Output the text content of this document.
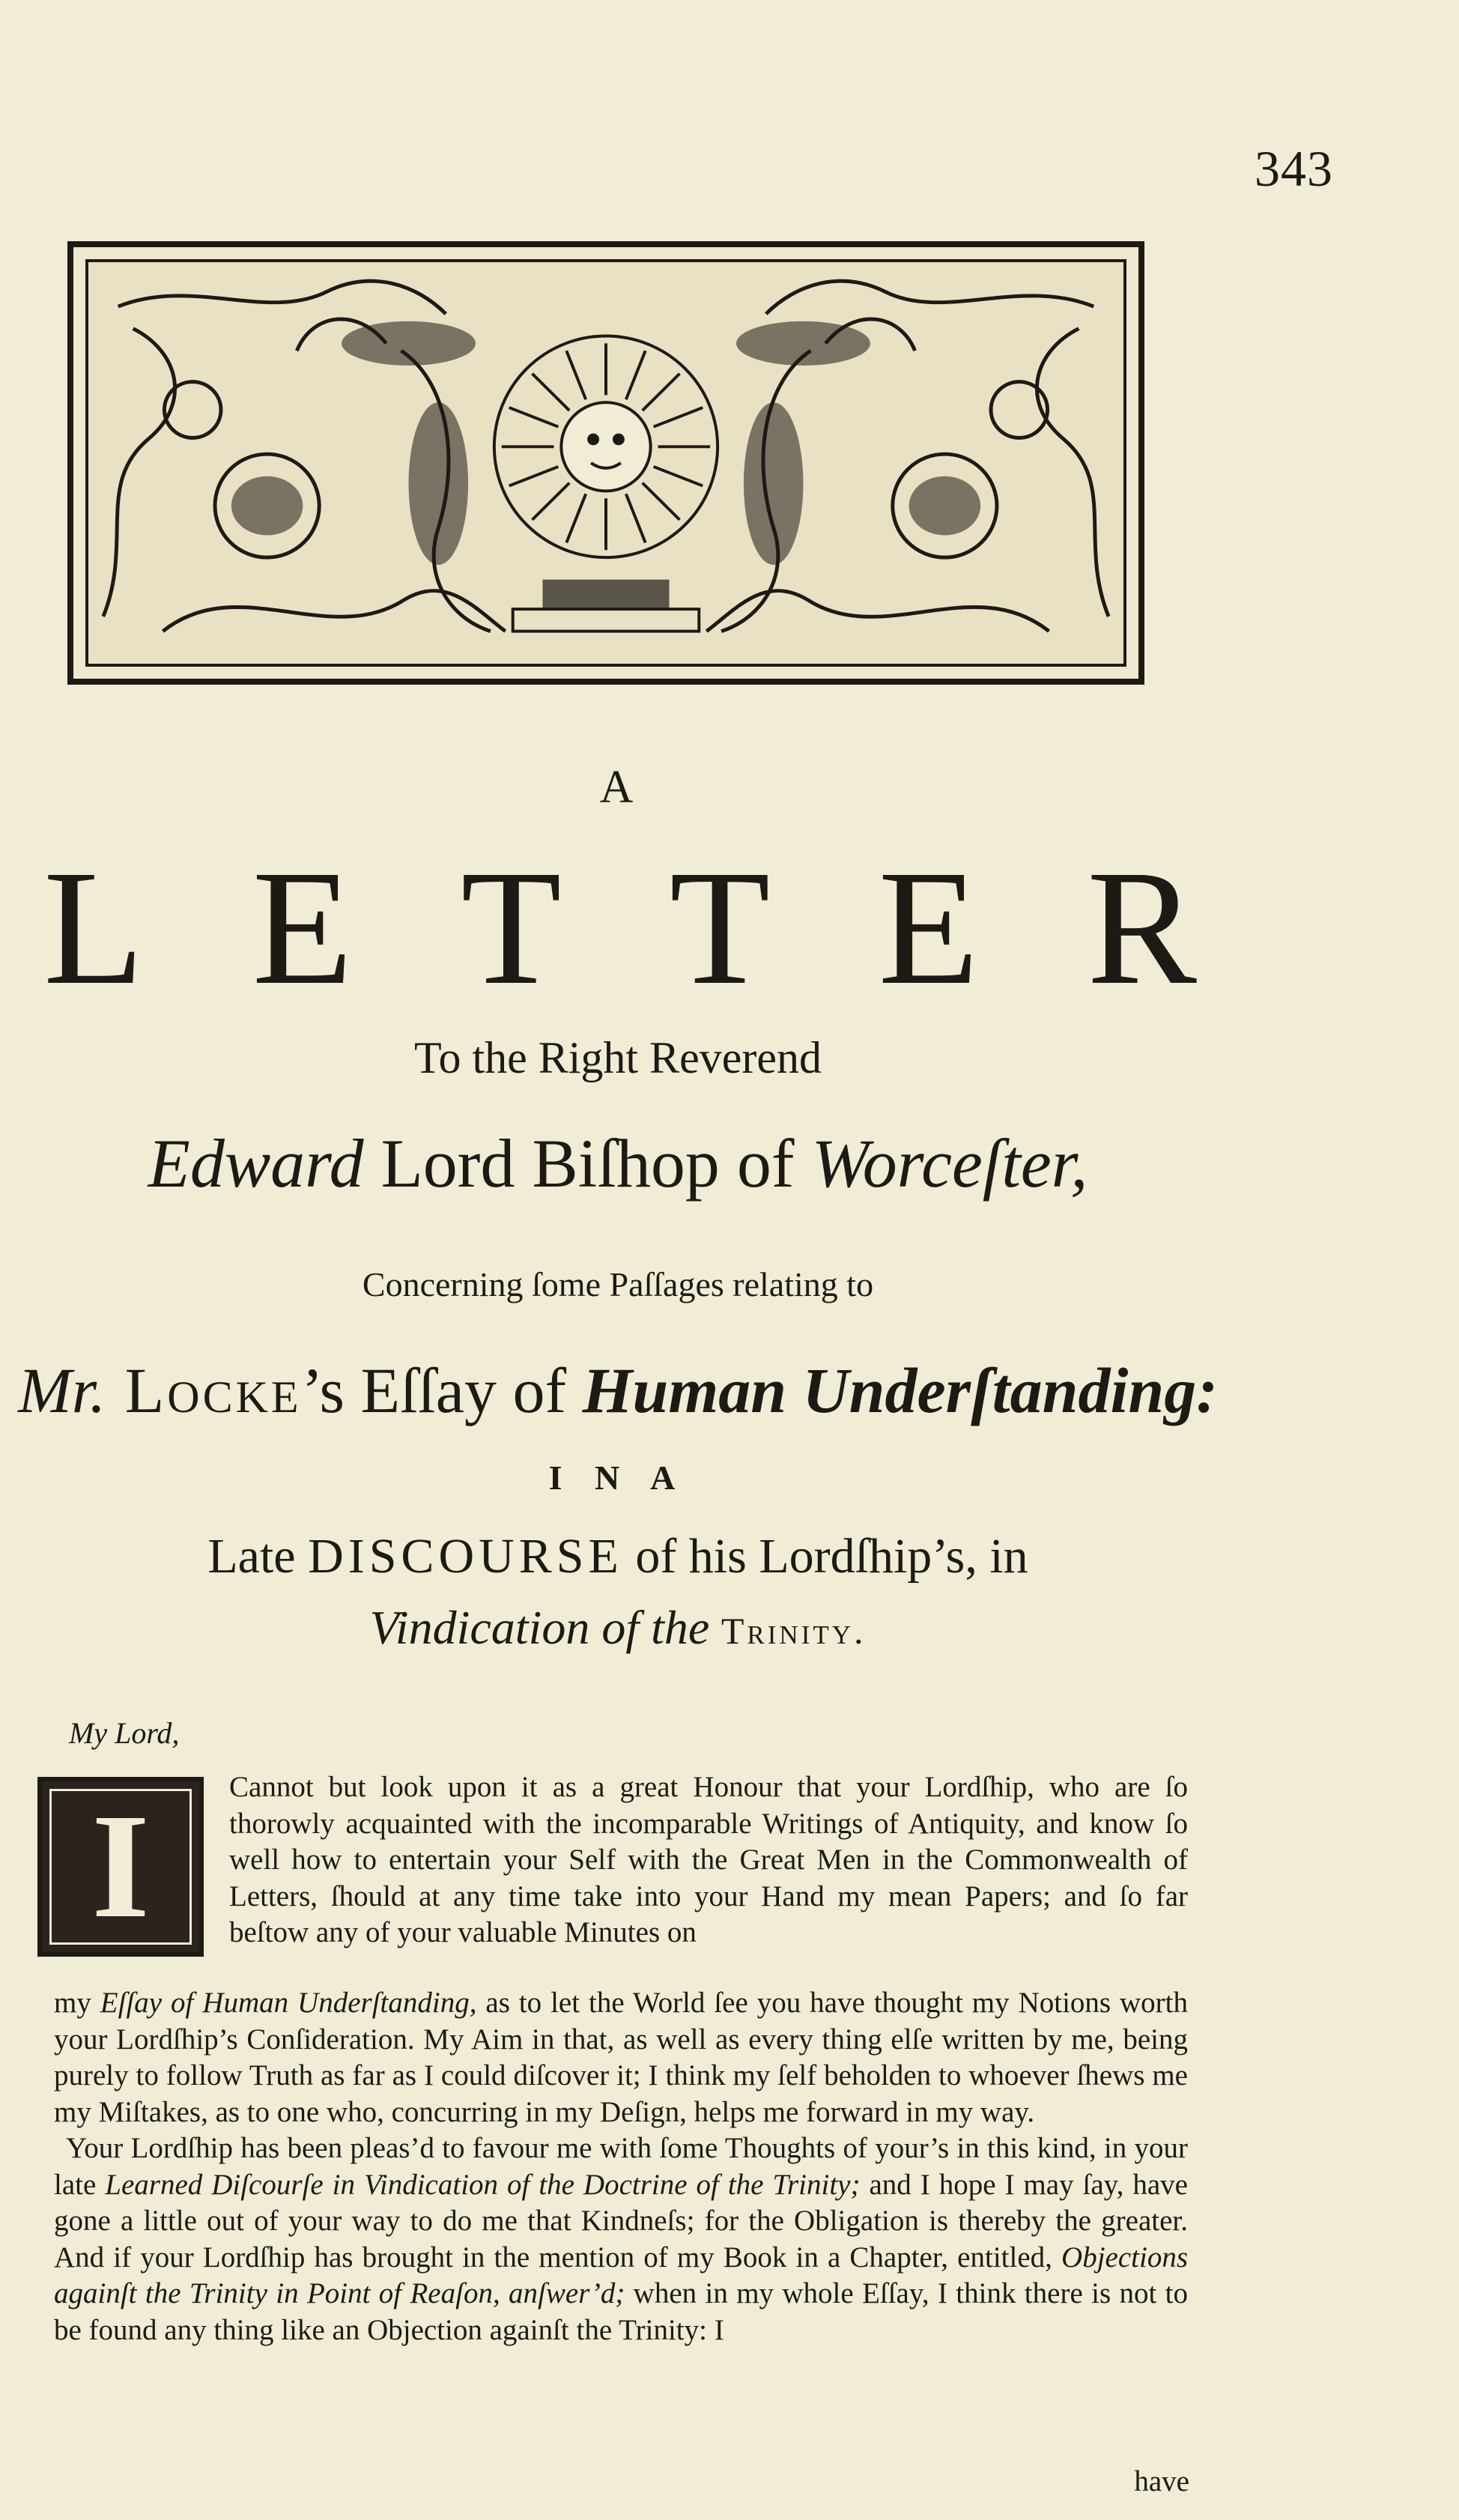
343
A
L E T T E R
To the Right Reverend
Edward Lord Biſhop of Worceſter,
Concerning ſome Paſſages relating to
Mr. Locke’s Eſſay of Human Underſtanding:
I N A
Late DISCOURSE of his Lordſhip’s, in
Vindication of the Trinity.
My Lord,
I	Cannot but look upon it as a great Honour that your Lordſhip, who are ſo thorowly acquainted with the incomparable Writings of Antiquity, and know ſo well how to entertain your Self with the Great Men in the Commonwealth of Letters, ſhould at any time take into your Hand my mean Papers; and ſo far beſtow any of your valuable Minutes on
my Eſſay of Human Underſtanding, as to let the World ſee you have thought my Notions worth your Lordſhip’s Conſideration. My Aim in that, as well as every thing elſe written by me, being purely to follow Truth as far as I could diſcover it; I think my ſelf beholden to whoever ſhews me my Miſtakes, as to one who, concurring in my Deſign, helps me forward in my way.
Your Lordſhip has been pleas’d to favour me with ſome Thoughts of your’s in this kind, in your late Learned Diſcourſe in Vindication of the Doctrine of the Trinity; and I hope I may ſay, have gone a little out of your way to do me that Kindneſs; for the Obligation is thereby the greater. And if your Lordſhip has brought in the mention of my Book in a Chapter, entitled, Objections againſt the Trinity in Point of Reaſon, anſwer’d; when in my whole Eſſay, I think there is not to be found any thing like an Objection againſt the Trinity: I
have
